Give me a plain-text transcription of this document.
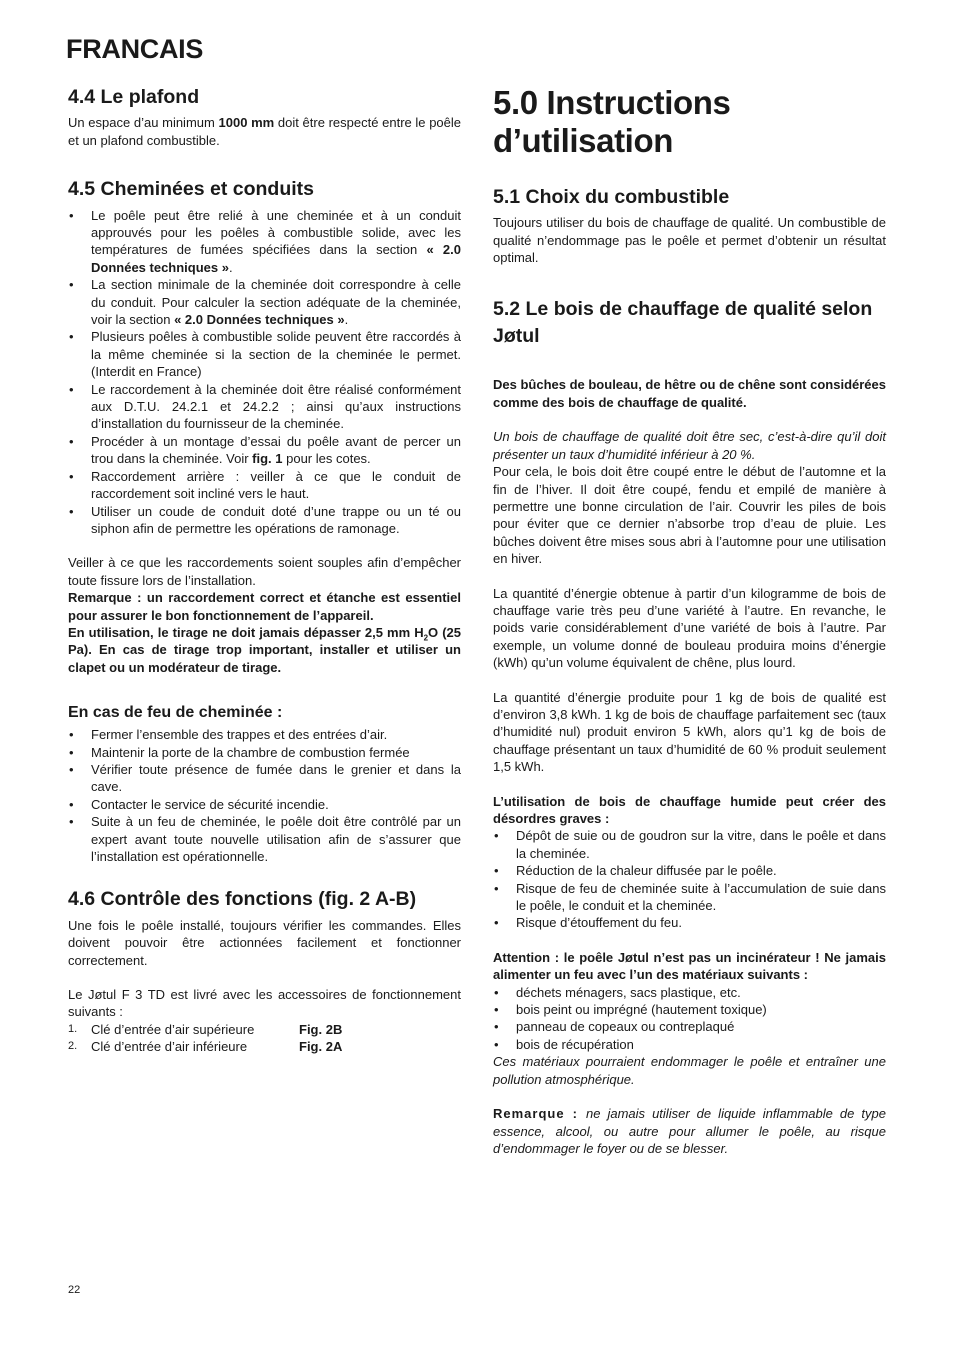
FRANCAIS
4.4 Le plafond

Un espace d’au minimum 1000 mm doit être respecté entre le poêle et un plafond combustible.

4.5 Cheminées et conduits
• Le poêle peut être relié à une cheminée et à un conduit approuvés pour les poêles à combustible solide, avec les températures de fumées spécifiées dans la section « 2.0 Données techniques ».
• La section minimale de la cheminée doit correspondre à celle du conduit. Pour calculer la section adéquate de la cheminée, voir la section « 2.0 Données techniques ».
• Plusieurs poêles à combustible solide peuvent être raccordés à la même cheminée si la section de la cheminée le permet. (Interdit en France)
• Le raccordement à la cheminée doit être réalisé conformément aux D.T.U. 24.2.1 et 24.2.2 ; ainsi qu’aux instructions d’installation du fournisseur de la cheminée.
• Procéder à un montage d’essai du poêle avant de percer un trou dans la cheminée. Voir fig. 1 pour les cotes.
• Raccordement arrière : veiller à ce que le conduit de raccordement soit incliné vers le haut.
• Utiliser un coude de conduit doté d’une trappe ou un té ou siphon afin de permettre les opérations de ramonage.

Veiller à ce que les raccordements soient souples afin d’empêcher toute fissure lors de l’installation.

Remarque : un raccordement correct et étanche est essentiel pour assurer le bon fonctionnement de l’appareil.

En utilisation, le tirage ne doit jamais dépasser 2,5 mm $H_2O$ (25 Pa). En cas de tirage trop important, installer et utiliser un clapet ou un modérateur de tirage.

En cas de feu de cheminée :
• Fermer l’ensemble des trappes et des entrées d’air.
• Maintenir la porte de la chambre de combustion fermée
• Vérifier toute présence de fumée dans le grenier et dans la cave.
• Contacter le service de sécurité incendie.
• Suite à un feu de cheminée, le poêle doit être contrôlé par un expert avant toute nouvelle utilisation afin de s’assurer que l’installation est opérationnelle.
4.6 Contrôle des fonctions (fig. 2 A-B)

Une fois le poêle installé, toujours vérifier les commandes. Elles doivent pouvoir être actionnées facilement et fonctionner correctement.

Le Jøtul F 3 TD est livré avec les accessoires de fonctionnement suivants :

1. Clé d’entrée d’air supérieure	Fig. 2B
2. Clé d’entrée d’air inférieure	Fig. 2A
5.0 Instructions d’utilisation
5.1 Choix du combustible

Toujours utiliser du bois de chauffage de qualité. Un combustible de qualité n’endommage pas le poêle et permet d’obtenir un résultat optimal.

5.2 Le bois de chauffage de qualité selon Jøtul

Des bûches de bouleau, de hêtre ou de chêne sont considérées comme des bois de chauffage de qualité.

Un bois de chauffage de qualité doit être sec, c’est-à-dire qu’il doit présenter un taux d’humidité inférieur à 20 %.

Pour cela, le bois doit être coupé entre le début de l’automne et la fin de l’hiver. Il doit être coupé, fendu et empilé de manière à permettre une bonne circulation de l’air. Couvrir les piles de bois pour éviter que ce dernier n’absorbe trop d’eau de pluie. Les bûches doivent être mises sous abri à l’automne pour une utilisation en hiver.

La quantité d’énergie obtenue à partir d’un kilogramme de bois de chauffage varie très peu d’une variété à l’autre. En revanche, le poids varie considérablement d’une variété de bois à l’autre. Par exemple, un volume donné de bouleau produira moins d’énergie (kWh) qu’un volume équivalent de chêne, plus lourd.

La quantité d’énergie produite pour 1 kg de bois de qualité est d’environ 3,8 kWh. 1 kg de bois de chauffage parfaitement sec (taux d’humidité nul) produit environ 5 kWh, alors qu’1 kg de bois de chauffage présentant un taux d’humidité de 60 % produit seulement 1,5 kWh.

L’utilisation de bois de chauffage humide peut créer des désordres graves :

• Dépôt de suie ou de goudron sur la vitre, dans le poêle et dans la cheminée.
• Réduction de la chaleur diffusée par le poêle.
• Risque de feu de cheminée suite à l’accumulation de suie dans le poêle, le conduit et la cheminée.
• Risque d’étouffement du feu.

Attention : le poêle Jøtul n’est pas un incinérateur ! Ne jamais alimenter un feu avec l’un des matériaux suivants :

• déchets ménagers, sacs plastique, etc.
• bois peint ou imprégné (hautement toxique)
• panneau de copeaux ou contreplaqué
• bois de récupération

Ces matériaux pourraient endommager le poêle et entraîner une pollution atmosphérique.

Remarque : ne jamais utiliser de liquide inflammable de type essence, alcool, ou autre pour allumer le poêle, au risque d’endommager le foyer ou de se blesser.

22
